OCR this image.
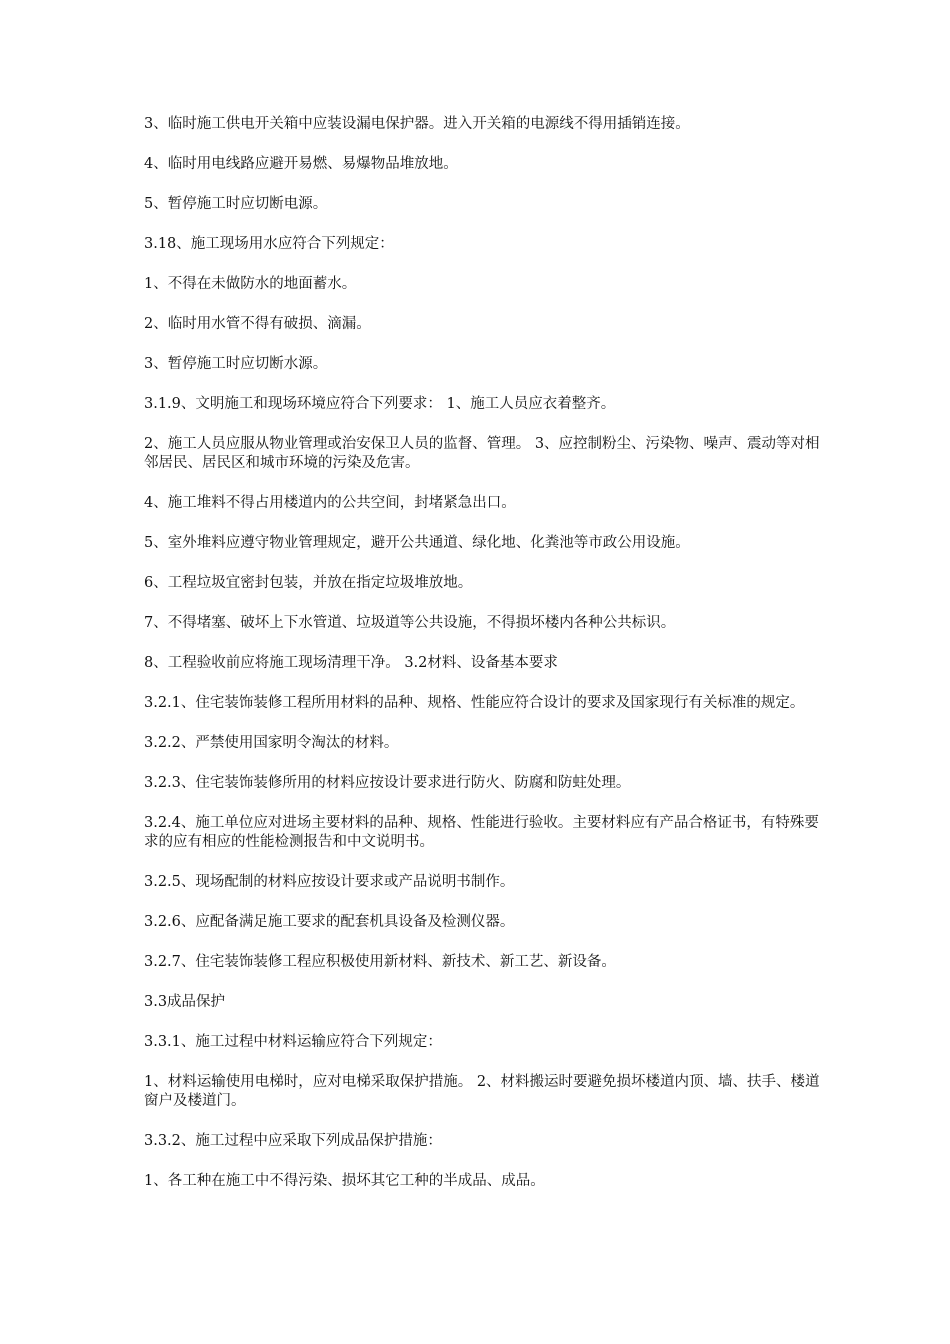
3、临时施工供电开关箱中应装设漏电保护器。进入开关箱的电源线不得用插销连接。

4、临时用电线路应避开易燃、易爆物品堆放地。

5、暂停施工时应切断电源。

3.18、施工现场用水应符合下列规定：

1、不得在未做防水的地面蓄水。

2、临时用水管不得有破损、滴漏。

3、暂停施工时应切断水源。

3.1.9、文明施工和现场环境应符合下列要求： 1、施工人员应衣着整齐。

2、施工人员应服从物业管理或治安保卫人员的监督、管理。 3、应控制粉尘、污染物、噪声、震动等对相邻居民、居民区和城市环境的污染及危害。

4、施工堆料不得占用楼道内的公共空间，封堵紧急出口。

5、室外堆料应遵守物业管理规定，避开公共通道、绿化地、化粪池等市政公用设施。

6、工程垃圾宜密封包装，并放在指定垃圾堆放地。

7、不得堵塞、破坏上下水管道、垃圾道等公共设施，不得损坏楼内各种公共标识。

8、工程验收前应将施工现场清理干净。 3.2材料、设备基本要求

3.2.1、住宅装饰装修工程所用材料的品种、规格、性能应符合设计的要求及国家现行有关标准的规定。

3.2.2、严禁使用国家明令淘汰的材料。

3.2.3、住宅装饰装修所用的材料应按设计要求进行防火、防腐和防蛀处理。

3.2.4、施工单位应对进场主要材料的品种、规格、性能进行验收。主要材料应有产品合格证书，有特殊要求的应有相应的性能检测报告和中文说明书。

3.2.5、现场配制的材料应按设计要求或产品说明书制作。

3.2.6、应配备满足施工要求的配套机具设备及检测仪器。

3.2.7、住宅装饰装修工程应积极使用新材料、新技术、新工艺、新设备。

3.3成品保护

3.3.1、施工过程中材料运输应符合下列规定：

1、材料运输使用电梯时，应对电梯采取保护措施。 2、材料搬运时要避免损坏楼道内顶、墙、扶手、楼道窗户及楼道门。

3.3.2、施工过程中应采取下列成品保护措施：

1、各工种在施工中不得污染、损坏其它工种的半成品、成品。
